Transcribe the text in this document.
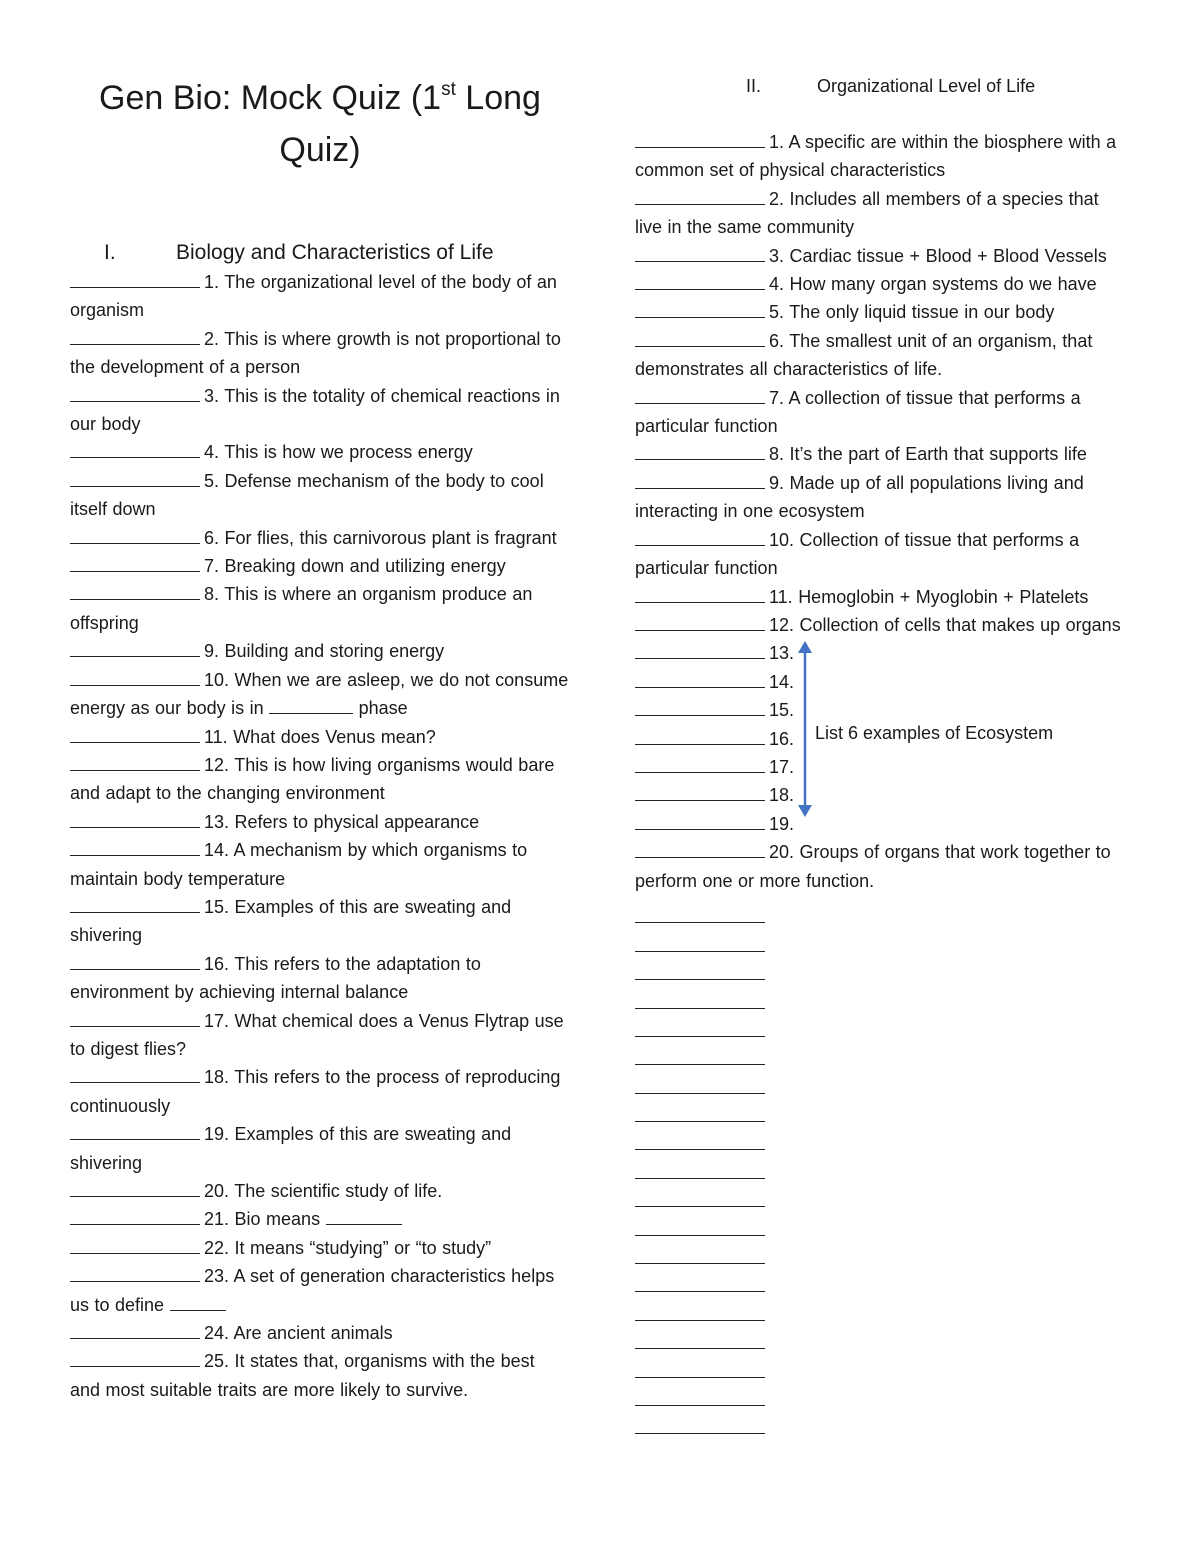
Gen Bio: Mock Quiz (1st Long Quiz)
I.	Biology and Characteristics of Life

1. The organizational level of the body of an organism

2. This is where growth is not proportional to the development of a person

3. This is the totality of chemical reactions in our body

4. This is how we process energy

5. Defense mechanism of the body to cool itself down

6. For flies, this carnivorous plant is fragrant

7. Breaking down and utilizing energy

8. This is where an organism produce an offspring

9. Building and storing energy

10. When we are asleep, we do not consume energy as our body is in	phase

11. What does Venus mean?

12. This is how living organisms would bare and adapt to the changing environment

13. Refers to physical appearance

14. A mechanism by which organisms to maintain body temperature

15. Examples of this are sweating and shivering

16. This refers to the adaptation to environment by achieving internal balance

17. What chemical does a Venus Flytrap use to digest flies?

18. This refers to the process of reproducing continuously

19. Examples of this are sweating and shivering

20. The scientific study of life.

21. Bio means

22. It means “studying” or “to study”

23. A set of generation characteristics helps us to define

24. Are ancient animals

25. It states that, organisms with the best and most suitable traits are more likely to survive.

II.	Organizational Level of Life

1. A specific are within the biosphere with a common set of physical characteristics

2. Includes all members of a species that live in the same community

3. Cardiac tissue + Blood + Blood Vessels

4. How many organ systems do we have

5. The only liquid tissue in our body

6. The smallest unit of an organism, that demonstrates all characteristics of life.

7. A collection of tissue that performs a particular function

8. It’s the part of Earth that supports life

9. Made up of all populations living and interacting in one ecosystem

10. Collection of tissue that performs a particular function

11. Hemoglobin + Myoglobin + Platelets

12. Collection of cells that makes up organs

13.

14.

15.

16.

17.

18.

19.

List 6 examples of Ecosystem

20. Groups of organs that work together to perform one or more function.
